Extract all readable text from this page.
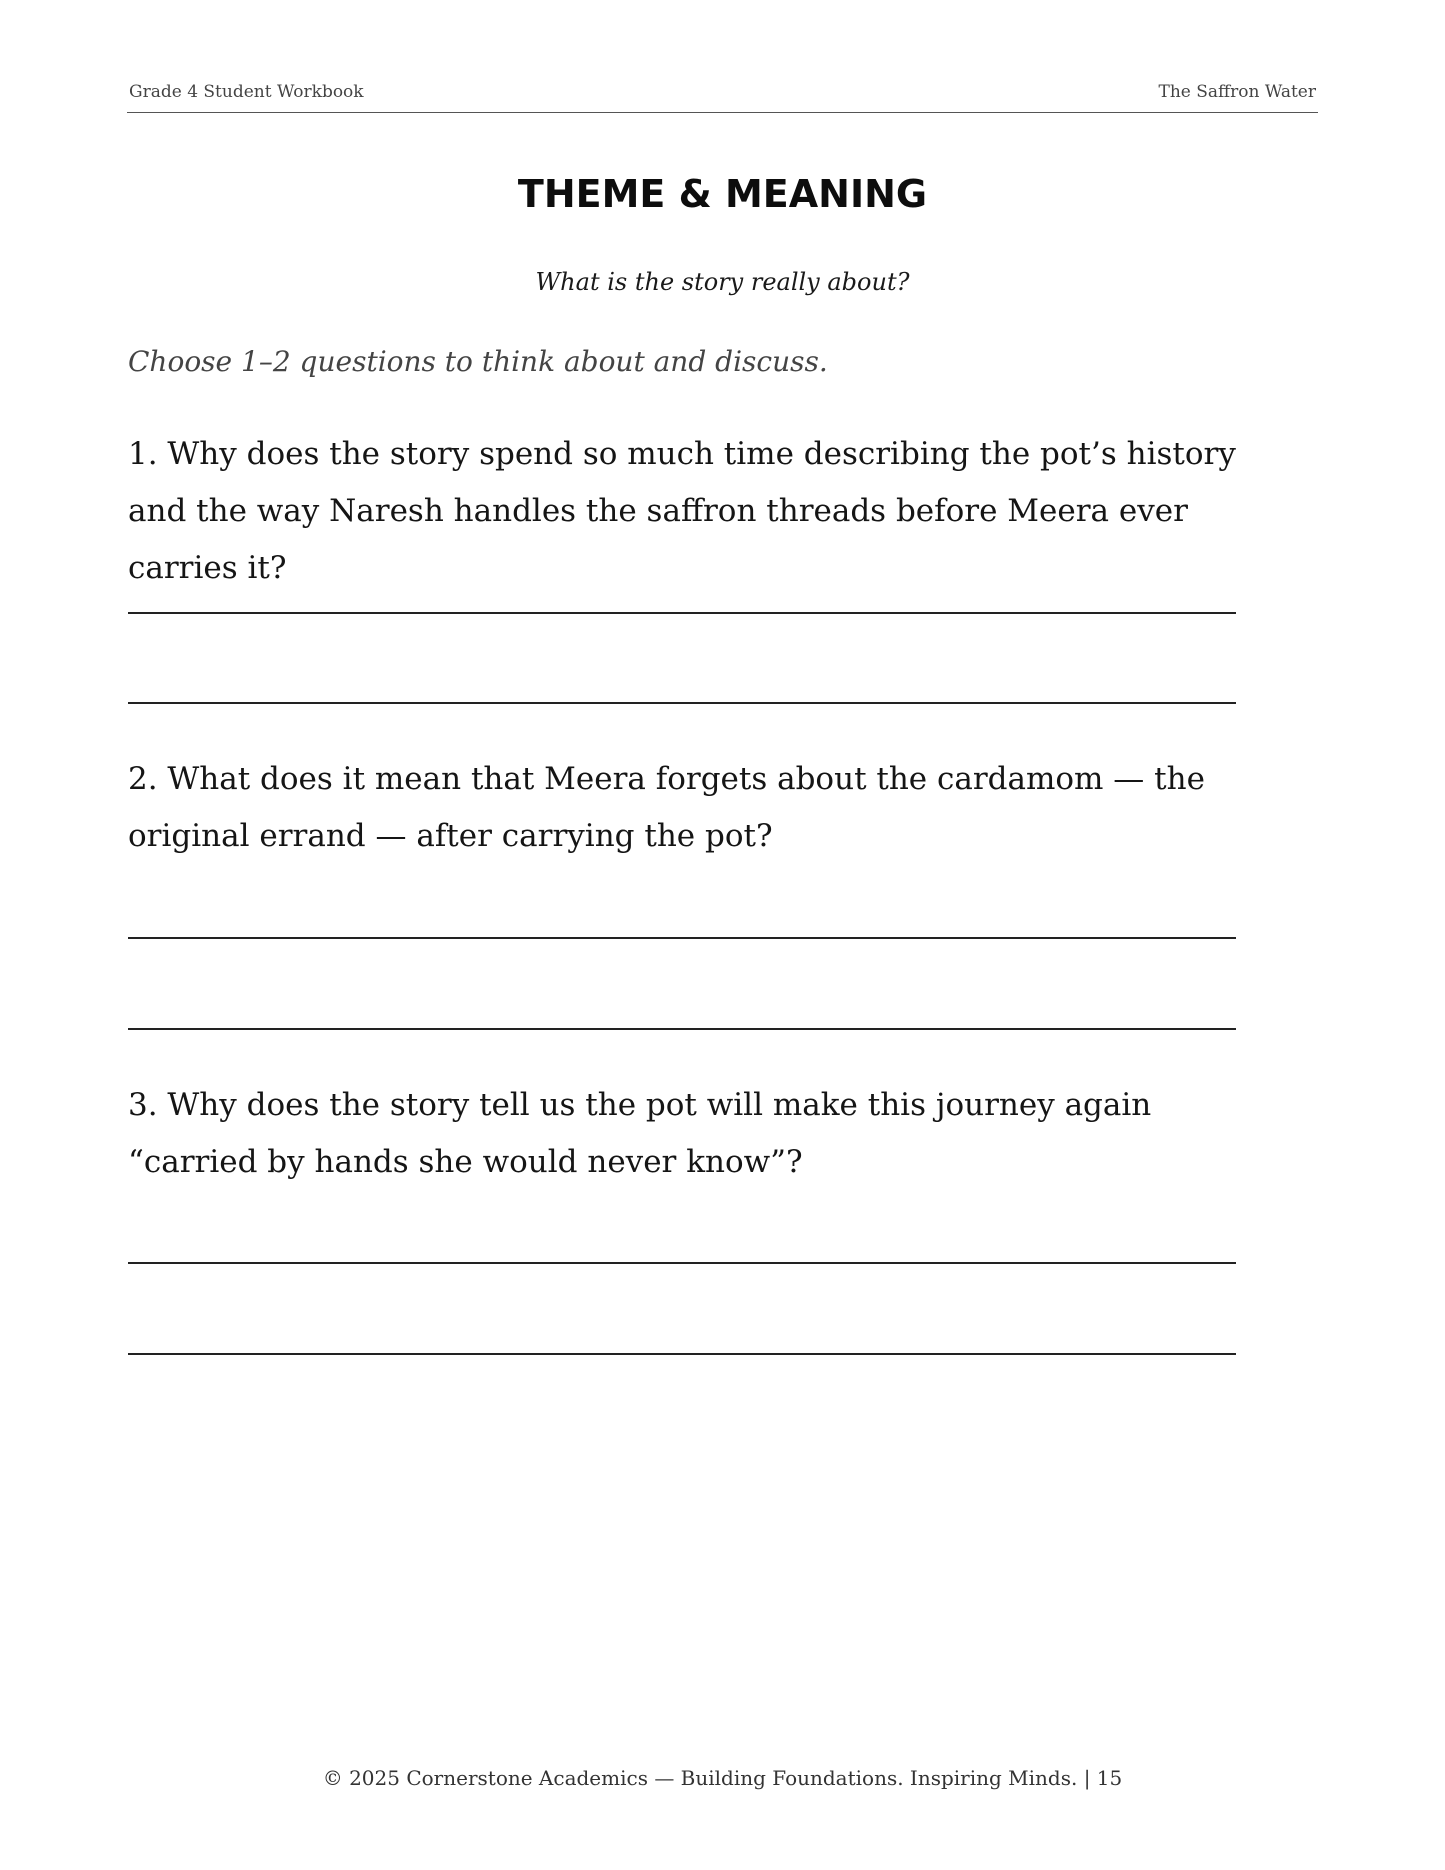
Grade 4 Student Workbook	The Saffron Water
THEME & MEANING
What is the story really about?
Choose 1–2 questions to think about and discuss.
1. Why does the story spend so much time describing the pot’s history and the way Naresh handles the saffron threads before Meera ever carries it?
2. What does it mean that Meera forgets about the cardamom — the original errand — after carrying the pot?
3. Why does the story tell us the pot will make this journey again “carried by hands she would never know”?
© 2025 Cornerstone Academics — Building Foundations. Inspiring Minds. | 15
